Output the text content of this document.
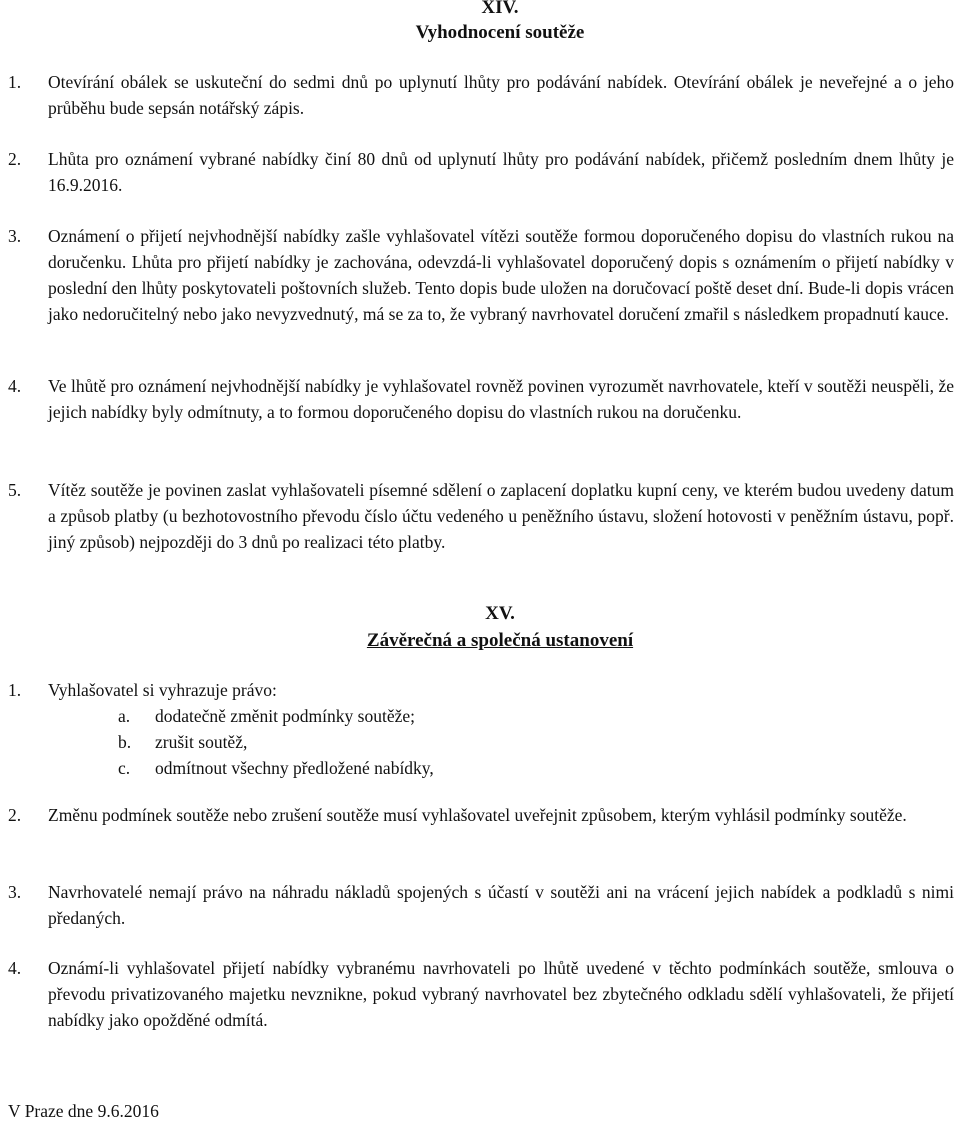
XIV.
Vyhodnocení soutěže
1. Otevírání obálek se uskuteční do sedmi dnů po uplynutí lhůty pro podávání nabídek. Otevírání obálek je neveřejné a o jeho průběhu bude sepsán notářský zápis.

2. Lhůta pro oznámení vybrané nabídky činí 80 dnů od uplynutí lhůty pro podávání nabídek, přičemž posledním dnem lhůty je 16.9.2016.

3. Oznámení o přijetí nejvhodnější nabídky zašle vyhlašovatel vítězi soutěže formou doporučeného dopisu do vlastních rukou na doručenku. Lhůta pro přijetí nabídky je zachována, odevzdá-li vyhlašovatel doporučený dopis s oznámením o přijetí nabídky v poslední den lhůty poskytovateli poštovních služeb. Tento dopis bude uložen na doručovací poště deset dní. Bude-li dopis vrácen jako nedoručitelný nebo jako nevyzvednutý, má se za to, že vybraný navrhovatel doručení zmařil s následkem propadnutí kauce.

4. Ve lhůtě pro oznámení nejvhodnější nabídky je vyhlašovatel rovněž povinen vyrozumět navrhovatele, kteří v soutěži neuspěli, že jejich nabídky byly odmítnuty, a to formou doporučeného dopisu do vlastních rukou na doručenku.

5. Vítěz soutěže je povinen zaslat vyhlašovateli písemné sdělení o zaplacení doplatku kupní ceny, ve kterém budou uvedeny datum a způsob platby (u bezhotovostního převodu číslo účtu vedeného u peněžního ústavu, složení hotovosti v peněžním ústavu, popř. jiný způsob) nejpozději do 3 dnů po realizaci této platby.

XV.
Závěrečná a společná ustanovení
1. Vyhlašovatel si vyhrazuje právo:

a. dodatečně změnit podmínky soutěže;
b. zrušit soutěž,
c. odmítnout všechny předložené nabídky,
2. Změnu podmínek soutěže nebo zrušení soutěže musí vyhlašovatel uveřejnit způsobem, kterým vyhlásil podmínky soutěže.

3. Navrhovatelé nemají právo na náhradu nákladů spojených s účastí v soutěži ani na vrácení jejich nabídek a podkladů s nimi předaných.

4. Oznámí-li vyhlašovatel přijetí nabídky vybranému navrhovateli po lhůtě uvedené v těchto podmínkách soutěže, smlouva o převodu privatizovaného majetku nevznikne, pokud vybraný navrhovatel bez zbytečného odkladu sdělí vyhlašovateli, že přijetí nabídky jako opožděné odmítá.

V Praze dne 9.6.2016
